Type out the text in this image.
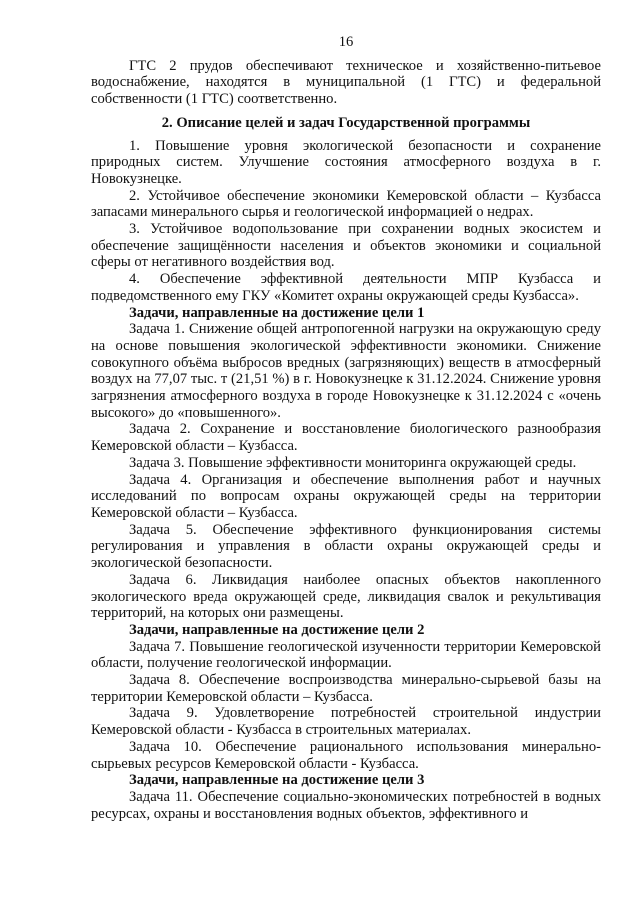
16

ГТС 2 прудов обеспечивают техническое и хозяйственно-питьевое водоснабжение, находятся в муниципальной (1 ГТС) и федеральной собственности (1 ГТС) соответственно.

2. Описание целей и задач Государственной программы

1. Повышение уровня экологической безопасности и сохранение природных систем. Улучшение состояния атмосферного воздуха в г. Новокузнецке.

2. Устойчивое обеспечение экономики Кемеровской области – Кузбасса запасами минерального сырья и геологической информацией о недрах.

3. Устойчивое водопользование при сохранении водных экосистем и обеспечение защищённости населения и объектов экономики и социальной сферы от негативного воздействия вод.

4. Обеспечение эффективной деятельности МПР Кузбасса и подведомственного ему ГКУ «Комитет охраны окружающей среды Кузбасса».

Задачи, направленные на достижение цели 1

Задача 1. Снижение общей антропогенной нагрузки на окружающую среду на основе повышения экологической эффективности экономики. Снижение совокупного объёма выбросов вредных (загрязняющих) веществ в атмосферный воздух на 77,07 тыс. т (21,51 %) в г. Новокузнецке к 31.12.2024. Снижение уровня загрязнения атмосферного воздуха в городе Новокузнецке к 31.12.2024 с «очень высокого» до «повышенного».

Задача 2. Сохранение и восстановление биологического разнообразия Кемеровской области – Кузбасса.

Задача 3. Повышение эффективности мониторинга окружающей среды.

Задача 4. Организация и обеспечение выполнения работ и научных исследований по вопросам охраны окружающей среды на территории Кемеровской области – Кузбасса.

Задача 5. Обеспечение эффективного функционирования системы регулирования и управления в области охраны окружающей среды и экологической безопасности.

Задача 6. Ликвидация наиболее опасных объектов накопленного экологического вреда окружающей среде, ликвидация свалок и рекультивация территорий, на которых они размещены.

Задачи, направленные на достижение цели 2

Задача 7. Повышение геологической изученности территории Кемеровской области, получение геологической информации.

Задача 8. Обеспечение воспроизводства минерально-сырьевой базы на территории Кемеровской области – Кузбасса.

Задача 9. Удовлетворение потребностей строительной индустрии Кемеровской области - Кузбасса в строительных материалах.

Задача 10. Обеспечение рационального использования минерально-сырьевых ресурсов Кемеровской области - Кузбасса.

Задачи, направленные на достижение цели 3

Задача 11. Обеспечение социально-экономических потребностей в водных ресурсах, охраны и восстановления водных объектов, эффективного и
